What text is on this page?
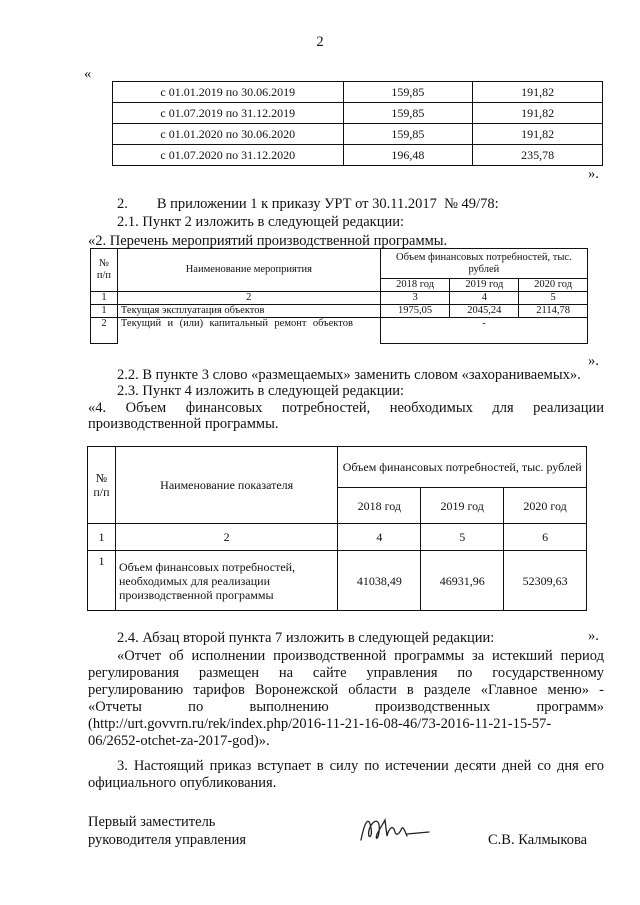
2
«
с 01.01.2019 по 30.06.2019	159,85	191,82
с 01.07.2019 по 31.12.2019	159,85	191,82
с 01.01.2020 по 30.06.2020	159,85	191,82
с 01.07.2020 по 31.12.2020	196,48	235,78
».
2.        В приложении 1 к приказу УРТ от 30.11.2017  № 49/78:
2.1. Пункт 2 изложить в следующей редакции:
«2. Перечень мероприятий производственной программы.
№ п/п	Наименование мероприятия	Объем финансовых потребностей, тыс. рублей		
		2018 год	2019 год	2020 год
1	2	3	4	5
1	Текущая эксплуатация объектов	1975,05	2045,24	2114,78
2	Текущий и (или) капитальный ремонт объектов	-		
».
2.2. В пункте 3 слово «размещаемых» заменить словом «захораниваемых».
2.3. Пункт 4 изложить в следующей редакции:
«4. Объем финансовых потребностей, необходимых для реализации
производственной программы.
№ п/п	Наименование показателя	Объем финансовых потребностей, тыс. рублей		
		2018 год	2019 год	2020 год
1	2	4	5	6
1	Объем финансовых потребностей, необходимых для реализации производственной программы	41038,49	46931,96	52309,63
».
2.4. Абзац второй пункта 7 изложить в следующей редакции:
«Отчет об исполнении производственной программы за истекший период
регулирования размещен на сайте управления по государственному
регулированию тарифов Воронежской области в разделе «Главное меню» -
«Отчеты по выполнению производственных программ»
(http://urt.govvrn.ru/rek/index.php/2016-11-21-16-08-46/73-2016-11-21-15-57-
06/2652-otchet-za-2017-god)».
3. Настоящий приказ вступает в силу по истечении десяти дней со дня его
официального опубликования.
Первый заместитель
руководителя управления	С.В. Калмыкова
